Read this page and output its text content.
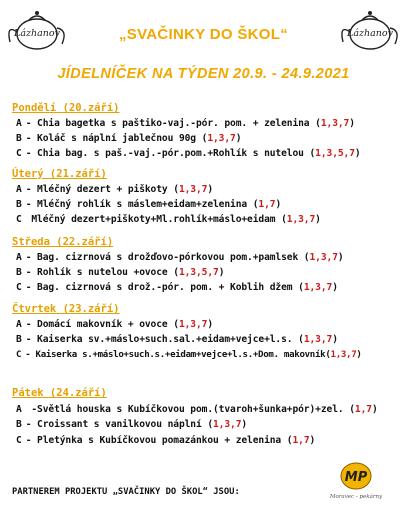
Lázhanov	Lázhanov
„SVAČINKY DO ŠKOL“
JÍDELNÍČEK NA TÝDEN 20.9. - 24.9.2021
Pondělí (20.září)
A - Chia bagetka s paštiko-vaj.-pór. pom. + zelenina (1,3,7)
B - Koláč s náplní jablečnou 90g (1,3,7)
C - Chia bag. s paš.-vaj.-pór.pom.+Rohlík s nutelou (1,3,5,7)
Úterý (21.září)
A - Mléčný dezert + piškoty (1,3,7)
B - Mléčný rohlík s máslem+eidam+zelenina (1,7)
C Mléčný dezert+piškoty+Ml.rohlík+máslo+eidam (1,3,7)
Středa (22.září)
A - Bag. cizrnová s drožďovo-pórkovou pom.+pamlsek (1,3,7)
B - Rohlík s nutelou +ovoce (1,3,5,7)
C - Bag. cizrnová s drož.-pór. pom. + Koblih džem (1,3,7)
Čtvrtek (23.září)
A - Domácí makovník + ovoce (1,3,7)
B - Kaiserka sv.+máslo+such.sal.+eidam+vejce+l.s. (1,3,7)
C - Kaiserka s.+máslo+such.s.+eidam+vejce+l.s.+Dom. makovník(1,3,7)
Pátek (24.září)
A -Světlá houska s Kubíčkovou pom.(tvaroh+šunka+pór)+zel. (1,7)
B - Croissant s vanilkovou náplní (1,3,7)
C - Pletýnka s Kubíčkovou pomazánkou + zelenina (1,7)
PARTNEREM PROJEKTU „SVAČINKY DO ŠKOL“ JSOU:
MP
Moravec - pekárny
